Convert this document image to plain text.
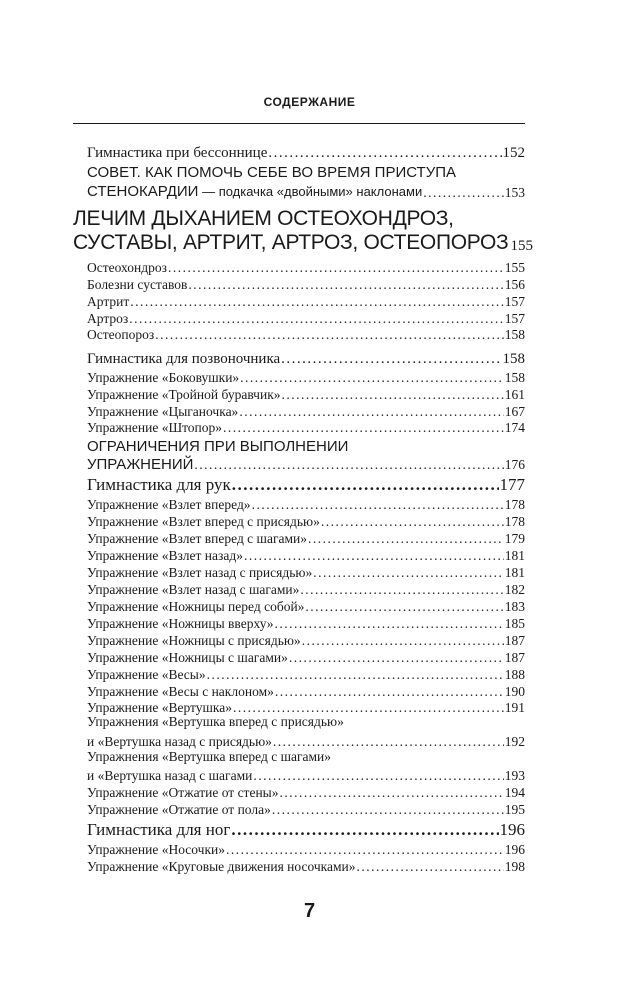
СОДЕРЖАНИЕ
Гимнастика при бессоннице .....	152
СОВЕТ. КАК ПОМОЧЬ СЕБЕ ВО ВРЕМЯ ПРИСТУПА
СТЕНОКАРДИИ — подкачка «двойными» наклонами .....	153
ЛЕЧИМ ДЫХАНИЕМ ОСТЕОХОНДРОЗ,
СУСТАВЫ, АРТРИТ, АРТРОЗ, ОСТЕОПОРОЗ 155
Остеохондроз .....	155
Болезни суставов .....	156
Артрит .....	157
Артроз .....	157
Остеопороз .....	158
Гимнастика для позвоночника .....	158
Упражнение «Боковушки» .....	158
Упражнение «Тройной буравчик» .....	161
Упражнение «Цыганочка» .....	167
Упражнение «Штопор» .....	174
ОГРАНИЧЕНИЯ ПРИ ВЫПОЛНЕНИИ
УПРАЖНЕНИЙ .....	176
Гимнастика для рук .....	177
Упражнение «Взлет вперед» .....	178
Упражнение «Взлет вперед с присядью» .....	178
Упражнение «Взлет вперед с шагами» .....	179
Упражнение «Взлет назад» .....	181
Упражнение «Взлет назад с присядью» .....	181
Упражнение «Взлет назад с шагами» .....	182
Упражнение «Ножницы перед собой» .....	183
Упражнение «Ножницы вверху» .....	185
Упражнение «Ножницы с присядью» .....	187
Упражнение «Ножницы с шагами» .....	187
Упражнение «Весы» .....	188
Упражнение «Весы с наклоном» .....	190
Упражнение «Вертушка» .....	191
Упражнения «Вертушка вперед с присядью»
и «Вертушка назад с присядью» .....	192
Упражнения «Вертушка вперед с шагами»
и «Вертушка назад с шагами .....	193
Упражнение «Отжатие от стены» .....	194
Упражнение «Отжатие от пола» .....	195
Гимнастика для ног .....	196
Упражнение «Носочки» .....	196
Упражнение «Круговые движения носочками» .....	198
7
